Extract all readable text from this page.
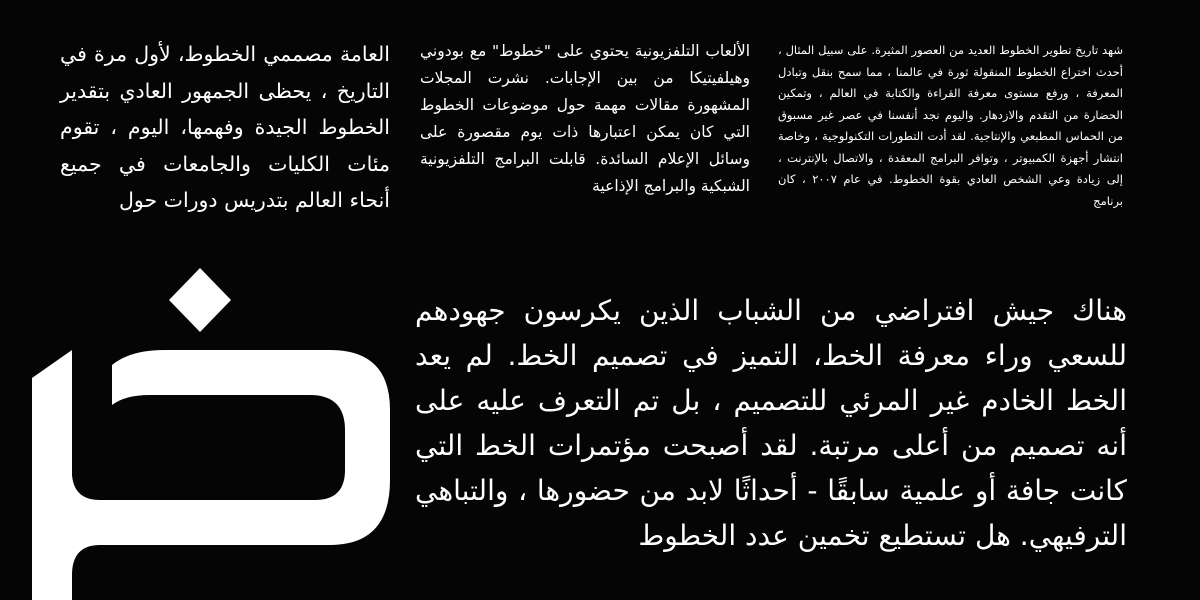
العامة مصممي الخطوط، لأول مرة في التاريخ ، يحظى الجمهور العادي بتقدير الخطوط الجيدة وفهمها، اليوم ، تقوم مئات الكليات والجامعات في جميع أنحاء العالم بتدريس دورات حول

الألعاب التلفزيونية يحتوي على "خطوط" مع بودوني وهيلفيتيكا من بين الإجابات. نشرت المجلات المشهورة مقالات مهمة حول موضوعات الخطوط التي كان يمكن اعتبارها ذات يوم مقصورة على وسائل الإعلام السائدة. قابلت البرامج التلفزيونية الشبكية والبرامج الإذاعية

شهد تاريخ تطوير الخطوط العديد من العصور المثيرة. على سبيل المثال ، أحدث اختراع الخطوط المنقولة ثورة في عالمنا ، مما سمح بنقل وتبادل المعرفة ، ورفع مستوى معرفة القراءة والكتابة في العالم ، وتمكين الحضارة من التقدم والازدهار. واليوم نجد أنفسنا في عصر غير مسبوق من الحماس المطبعي والإنتاجية. لقد أدت التطورات التكنولوجية ، وخاصة انتشار أجهزة الكمبيوتر ، وتوافر البرامج المعقدة ، والاتصال بالإنترنت ، إلى زيادة وعي الشخص العادي بقوة الخطوط. في عام ٢٠٠٧ ، كان برنامج

هناك جيش افتراضي من الشباب الذين يكرسون جهودهم للسعي وراء معرفة الخط، التميز في تصميم الخط. لم يعد الخط الخادم غير المرئي للتصميم ، بل تم التعرف عليه على أنه تصميم من أعلى مرتبة. لقد أصبحت مؤتمرات الخط التي كانت جافة أو علمية سابقًا - أحداثًا لابد من حضورها ، والتباهي الترفيهي. هل تستطيع تخمين عدد الخطوط
